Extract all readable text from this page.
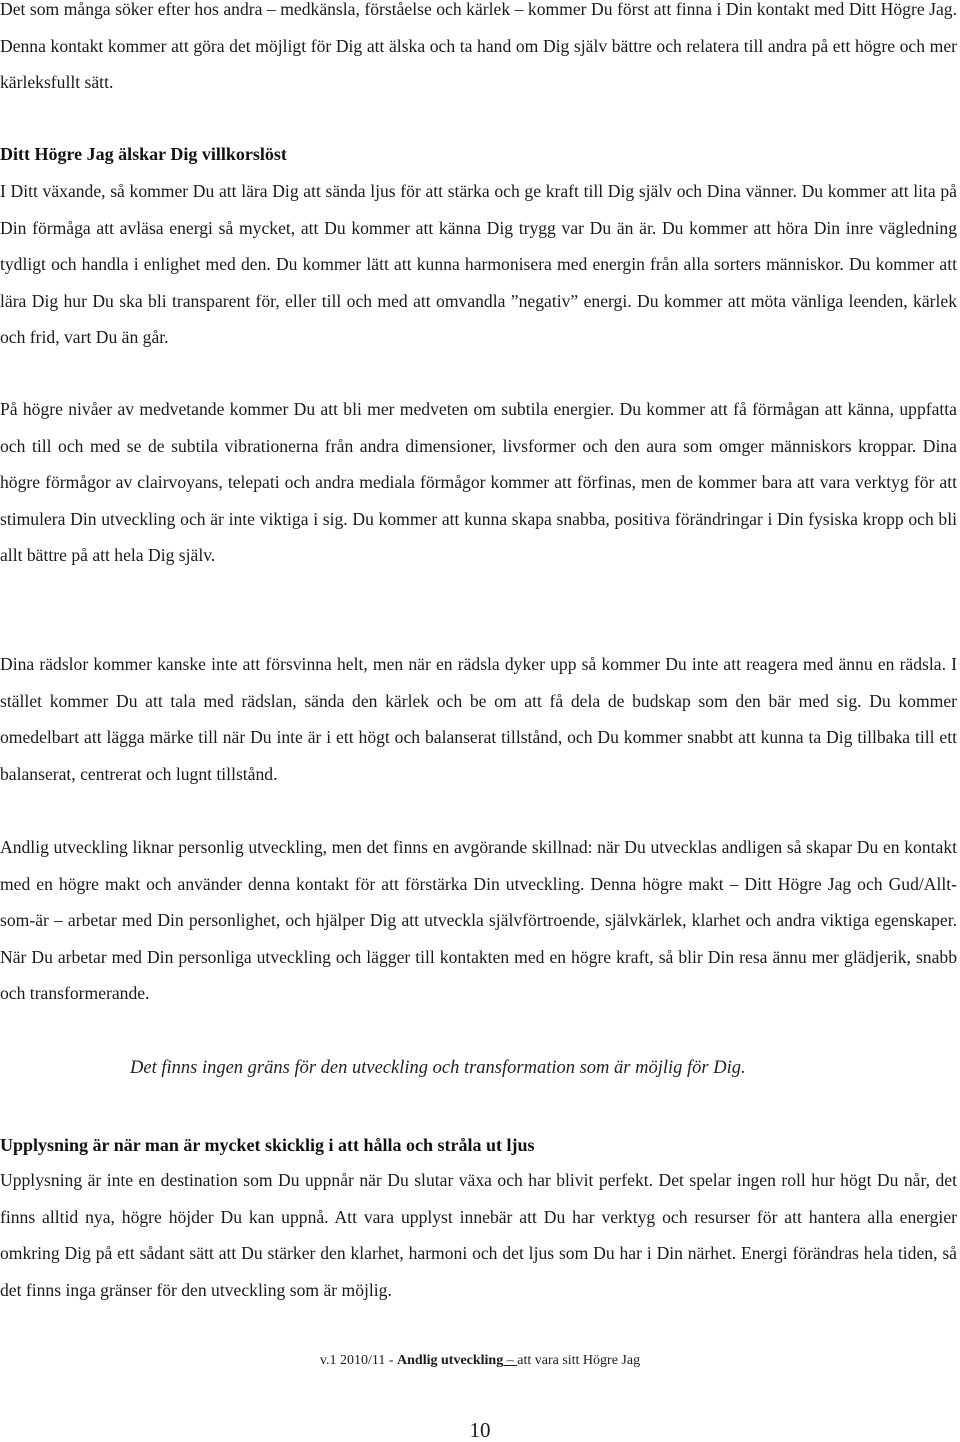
Det som många söker efter hos andra – medkänsla, förståelse och kärlek – kommer Du först att finna i Din kontakt med Ditt Högre Jag. Denna kontakt kommer att göra det möjligt för Dig att älska och ta hand om Dig själv bättre och relatera till andra på ett högre och mer kärleksfullt sätt.

Ditt Högre Jag älskar Dig villkorslöst

I Ditt växande, så kommer Du att lära Dig att sända ljus för att stärka och ge kraft till Dig själv och Dina vänner. Du kommer att lita på Din förmåga att avläsa energi så mycket, att Du kommer att känna Dig trygg var Du än är. Du kommer att höra Din inre vägledning tydligt och handla i enlighet med den. Du kommer lätt att kunna harmonisera med energin från alla sorters människor. Du kommer att lära Dig hur Du ska bli transparent för, eller till och med att omvandla ”negativ” energi. Du kommer att möta vänliga leenden, kärlek och frid, vart Du än går.

På högre nivåer av medvetande kommer Du att bli mer medveten om subtila energier. Du kommer att få förmågan att känna, uppfatta och till och med se de subtila vibrationerna från andra dimensioner, livsformer och den aura som omger människors kroppar. Dina högre förmågor av clairvoyans, telepati och andra mediala förmågor kommer att förfinas, men de kommer bara att vara verktyg för att stimulera Din utveckling och är inte viktiga i sig. Du kommer att kunna skapa snabba, positiva förändringar i Din fysiska kropp och bli allt bättre på att hela Dig själv.

Dina rädslor kommer kanske inte att försvinna helt, men när en rädsla dyker upp så kommer Du inte att reagera med ännu en rädsla. I stället kommer Du att tala med rädslan, sända den kärlek och be om att få dela de budskap som den bär med sig. Du kommer omedelbart att lägga märke till när Du inte är i ett högt och balanserat tillstånd, och Du kommer snabbt att kunna ta Dig tillbaka till ett balanserat, centrerat och lugnt tillstånd.

Andlig utveckling liknar personlig utveckling, men det finns en avgörande skillnad: när Du utvecklas andligen så skapar Du en kontakt med en högre makt och använder denna kontakt för att förstärka Din utveckling. Denna högre makt – Ditt Högre Jag och Gud/Allt-som-är – arbetar med Din personlighet, och hjälper Dig att utveckla självförtroende, självkärlek, klarhet och andra viktiga egenskaper. När Du arbetar med Din personliga utveckling och lägger till kontakten med en högre kraft, så blir Din resa ännu mer glädjerik, snabb och transformerande.

Det finns ingen gräns för den utveckling och transformation som är möjlig för Dig.
Upplysning är när man är mycket skicklig i att hålla och stråla ut ljus

Upplysning är inte en destination som Du uppnår när Du slutar växa och har blivit perfekt. Det spelar ingen roll hur högt Du når, det finns alltid nya, högre höjder Du kan uppnå. Att vara upplyst innebär att Du har verktyg och resurser för att hantera alla energier omkring Dig på ett sådant sätt att Du stärker den klarhet, harmoni och det ljus som Du har i Din närhet. Energi förändras hela tiden, så det finns inga gränser för den utveckling som är möjlig.

v.1 2010/11 - Andlig utveckling – att vara sitt Högre Jag
10
